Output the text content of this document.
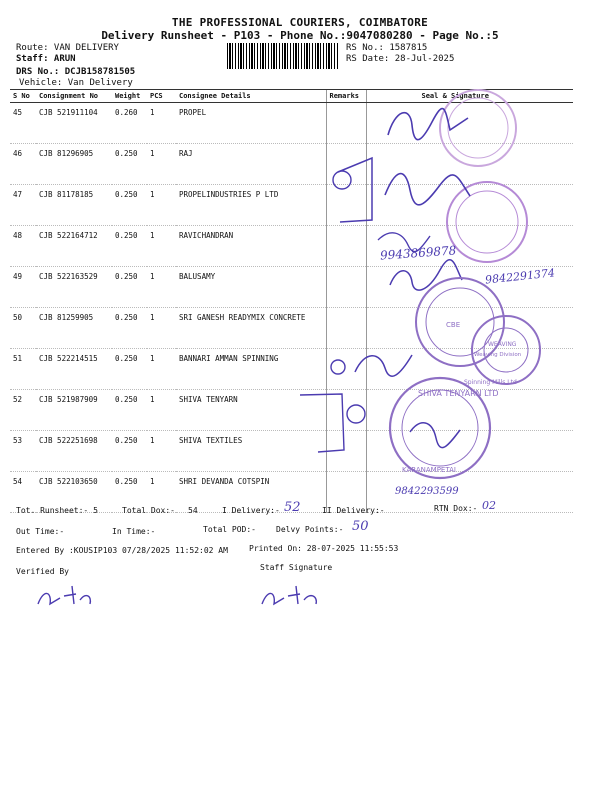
THE PROFESSIONAL COURIERS, COIMBATORE
Delivery Runsheet - P103 - Phone No.:9047080280 - Page No.:5
Route: VAN DELIVERY
Staff: ARUN
DRS No.: DCJB158781505
Vehicle: Van Delivery
RS No.: 1587815
RS Date: 28-Jul-2025
S No	Consignment No	Weight	PCS	Consignee Details	Remarks	Seal & Signature
45	CJB 521911104	0.260	1	PROPEL		
46	CJB 81296905	0.250	1	RAJ		
47	CJB 81178185	0.250	1	PROPELINDUSTRIES P LTD		
48	CJB 522164712	0.250	1	RAVICHANDRAN		
49	CJB 522163529	0.250	1	BALUSAMY		
50	CJB 81259905	0.250	1	SRI GANESH READYMIX CONCRETE		
51	CJB 522214515	0.250	1	BANNARI AMMAN SPINNING		
52	CJB 521987909	0.250	1	SHIVA TENYARN		
53	CJB 522251698	0.250	1	SHIVA TEXTILES		
54	CJB 522103650	0.250	1	SHRI DEVANDA COTSPIN		
CBE
WEAVING
Weaving Division
Spinning Mills Ltd
SHIVA TENYARN LTD
KARANAMPETAI
9943869878
9842291374
9842293599
Tot. Runsheet:- 5	Total Dox:- 54	I Delivery:- 52	II Delivery:-	RTN Dox:- 02
Out Time:-	In Time:-	Total POD:-	Delvy Points:- 50
Entered By :KOUSIP103 07/28/2025 11:52:02 AM	Printed On: 28-07-2025 11:55:53
Verified By	Staff Signature
